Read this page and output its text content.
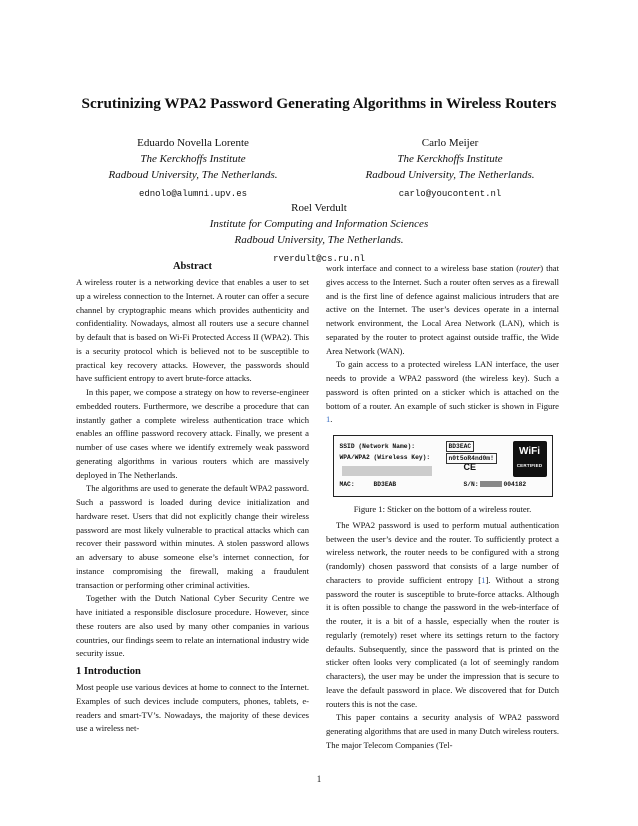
Scrutinizing WPA2 Password Generating Algorithms in Wireless Routers
Eduardo Novella Lorente
The Kerckhoffs Institute
Radboud University, The Netherlands.
ednolo@alumni.upv.es
Carlo Meijer
The Kerckhoffs Institute
Radboud University, The Netherlands.
carlo@youcontent.nl
Roel Verdult
Institute for Computing and Information Sciences
Radboud University, The Netherlands.
rverdult@cs.ru.nl
Abstract

A wireless router is a networking device that enables a user to set up a wireless connection to the Internet. A router can offer a secure channel by cryptographic means which provides authenticity and confidentiality. Nowadays, almost all routers use a secure channel by default that is based on Wi-Fi Protected Access II (WPA2). This is a security protocol which is believed not to be susceptible to practical key recovery attacks. However, the passwords should have sufficient entropy to avert brute-force attacks.

In this paper, we compose a strategy on how to reverse-engineer embedded routers. Furthermore, we describe a procedure that can instantly gather a complete wireless authentication trace which enables an offline password recovery attack. Finally, we present a number of use cases where we identify extremely weak password generating algorithms in various routers which are massively deployed in The Netherlands.

The algorithms are used to generate the default WPA2 password. Such a password is loaded during device initialization and hardware reset. Users that did not explicitly change their wireless password are most likely vulnerable to practical attacks which can recover their password within minutes. A stolen password allows an adversary to abuse someone else’s internet connection, for instance compromising the firewall, making a fraudulent transaction or performing other criminal activities.

Together with the Dutch National Cyber Security Centre we have initiated a responsible disclosure procedure. However, since these routers are also used by many other companies in various countries, our findings seem to relate an international industry wide security issue.

1 Introduction

Most people use various devices at home to connect to the Internet. Examples of such devices include computers, phones, tablets, e-readers and smart-TV’s. Nowadays, the majority of these devices use a wireless net-

work interface and connect to a wireless base station (router) that gives access to the Internet. Such a router often serves as a firewall and is the first line of defence against malicious intruders that are active on the Internet. The user’s devices operate in a internal network environment, the Local Area Network (LAN), which is separated by the router to protect against outside traffic, the Wide Area Network (WAN).

To gain access to a protected wireless LAN interface, the user needs to provide a WPA2 password (the wireless key). Such a password is often printed on a sticker which is attached on the bottom of a router. An example of such sticker is shown in Figure 1.

SSID (Network Name):	BD3EAC
WPA/WPA2 (Wireless Key):	n0t5oR4nd0m!
CE
MAC:	BD3EAB	S/N:	004182
WiFi
CERTIFIED
Figure 1: Sticker on the bottom of a wireless router.

The WPA2 password is used to perform mutual authentication between the user’s device and the router. To sufficiently protect a wireless network, the router needs to be configured with a strong (randomly) chosen password that consists of a large number of characters to provide sufficient entropy [1]. Without a strong password the router is susceptible to brute-force attacks. Although it is often possible to change the password in the web-interface of the router, it is a bit of a hassle, especially when the router is regularly (remotely) reset where its settings return to the factory defaults. Subsequently, since the password that is printed on the sticker often looks very complicated (a lot of seemingly random characters), the user may be under the impression that is secure to leave the default password in place. We discovered that for Dutch routers this is not the case.

This paper contains a security analysis of WPA2 password generating algorithms that are used in many Dutch wireless routers. The major Telecom Companies (Tel-

1
